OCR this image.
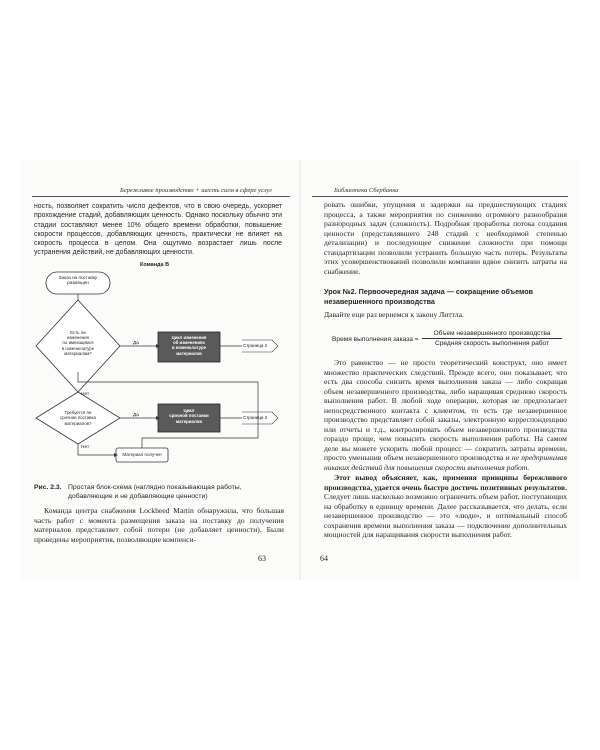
Бережливое производство + шесть сигм в сфере услуг

ность, позволяет сократить число дефектов, что в свою очередь, ускоряет прохождение стадий, добавляющих ценность. Однако поскольку обычно эти стадии составляют менее 10% общего времени обработки, повышение скорости процессов, добавляющих ценность, практически не влияет на скорость процесса в целом. Она ощутимо возрастает лишь после устранения действий, не добавляющих ценности.

Команда B
Заказ на поставку
размещен
Есть ли
изменения
по имеющимся
в номенклатуре
материалам?
Да
Цикл изменения
об изменениях
в номенклатуре
материалов
Страница 2
Нет
Требуется ли
срочная поставка
материалов?
Да
Цикл
срочной поставки
материалов
Страница 3
Нет
Материал получен
Рис. 2.3. Простая блок-схема (наглядно показывающая работы, добавляющие и не добавляющие ценности)

Команда центра снабжения Lockheed Martin обнаружила, что большая часть работ с момента размещения заказа на поставку до получения материалов представляет собой потери (не добавляет ценности). Были проведены мероприятия, позволяющие компенси-

63
Библиотека Сбербанка

ровать ошибки, упущения и задержки на предшествующих стадиях процесса, а также мероприятия по снижению огромного разнообразия разнородных задач (сложность). Подробная проработка потока создания ценности (представлявшего 248 стадий с необходимой степенью детализации) и последующее снижение сложности при помощи стандартизации позволили устранить большую часть потерь. Результаты этих усовершенствований позволили компании вдвое снизить затраты на снабжение.

Урок №2. Первоочередная задача — сокращение объемов незавершенного производства

Давайте еще раз вернемся к закону Литтла.

Время выполнения заказа =
Объем незавершенного производства
Средняя скорость выполнения работ

Это равенство — не просто теоретический конструкт, оно имеет множество практических следствий. Прежде всего, оно показывает, что есть два способа снизить время выполнения заказа — либо сокращая объем незавершенного производства, либо наращивая среднюю скорость выполнения работ. В любой ходе операции, которая не предполагает непосредственного контакта с клиентом, то есть где незавершенное производство представляет собой заказы, электронную корреспонденцию или отчеты и т.д., контролировать объем незавершенного производства гораздо проще, чем повысить скорость выполнения работы. На самом деле вы можете ускорить любой процесс — сократить затраты времени, просто уменьшив объем незавершенного производства и не предпринимая никаких действий для повышения скорости выполнения работ.

Этот вывод объясняет, как, применяя принципы бережливого производства, удается очень быстро достичь позитивных результатов. Следует лишь насколько возможно ограничить объем работ, поступающих на обработку в единицу времени. Далее рассказывается, что делать, если незавершенное производство — это «люди», и оптимальный способ сохранения времени выполнения заказа — подключение дополнительных мощностей для наращивания скорости выполнения работ.

64
